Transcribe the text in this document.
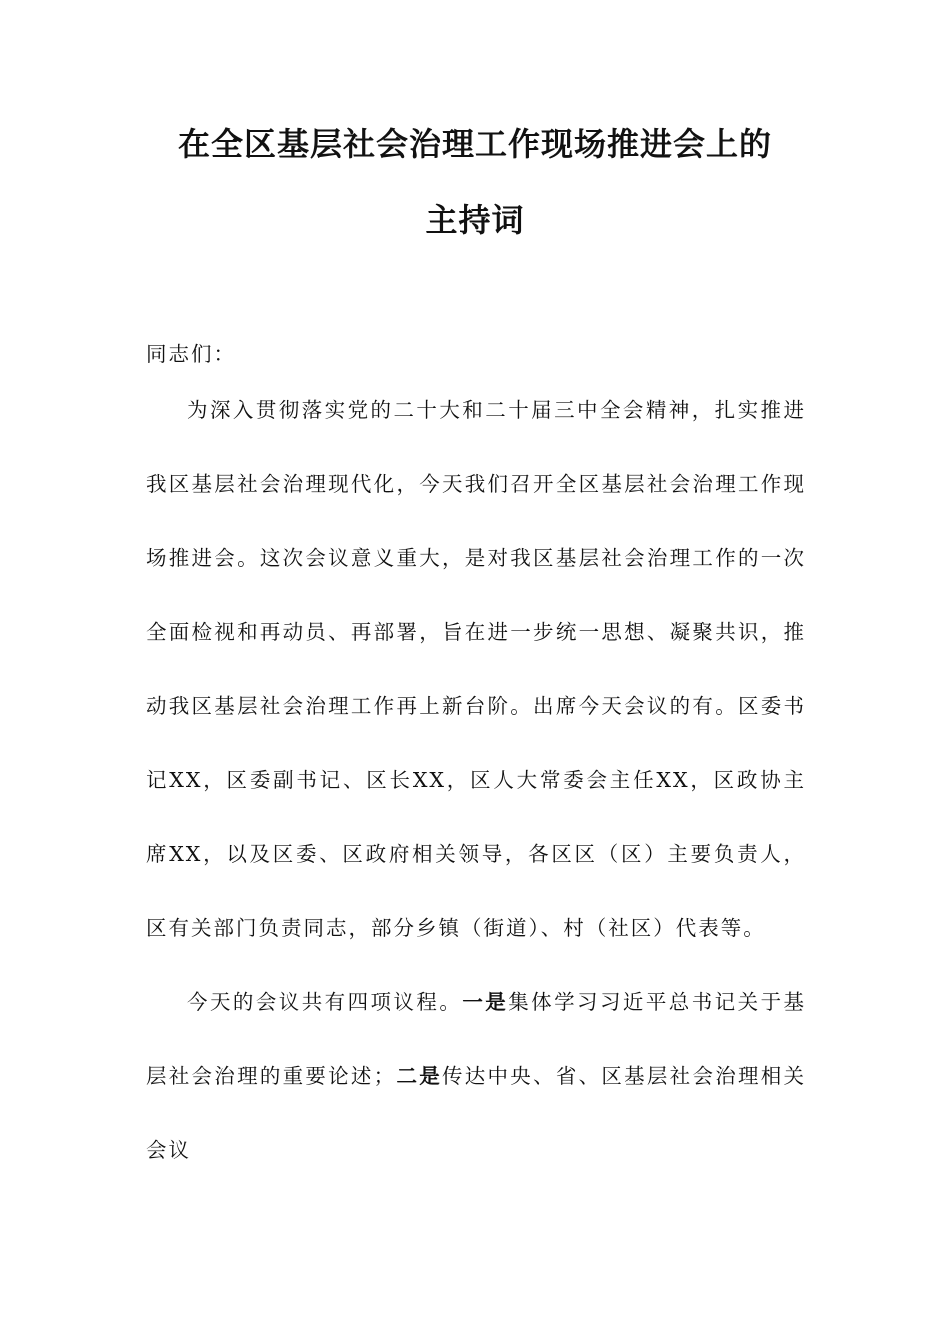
在全区基层社会治理工作现场推进会上的
主持词

同志们：

为深入贯彻落实党的二十大和二十届三中全会精神，扎实推进我区基层社会治理现代化，今天我们召开全区基层社会治理工作现场推进会。这次会议意义重大，是对我区基层社会治理工作的一次全面检视和再动员、再部署，旨在进一步统一思想、凝聚共识，推动我区基层社会治理工作再上新台阶。出席今天会议的有。区委书记XX，区委副书记、区长XX，区人大常委会主任XX，区政协主席XX，以及区委、区政府相关领导，各区区（区）主要负责人，区有关部门负责同志，部分乡镇（街道）、村（社区）代表等。

今天的会议共有四项议程。一是集体学习习近平总书记关于基层社会治理的重要论述；二是传达中央、省、区基层社会治理相关会议
